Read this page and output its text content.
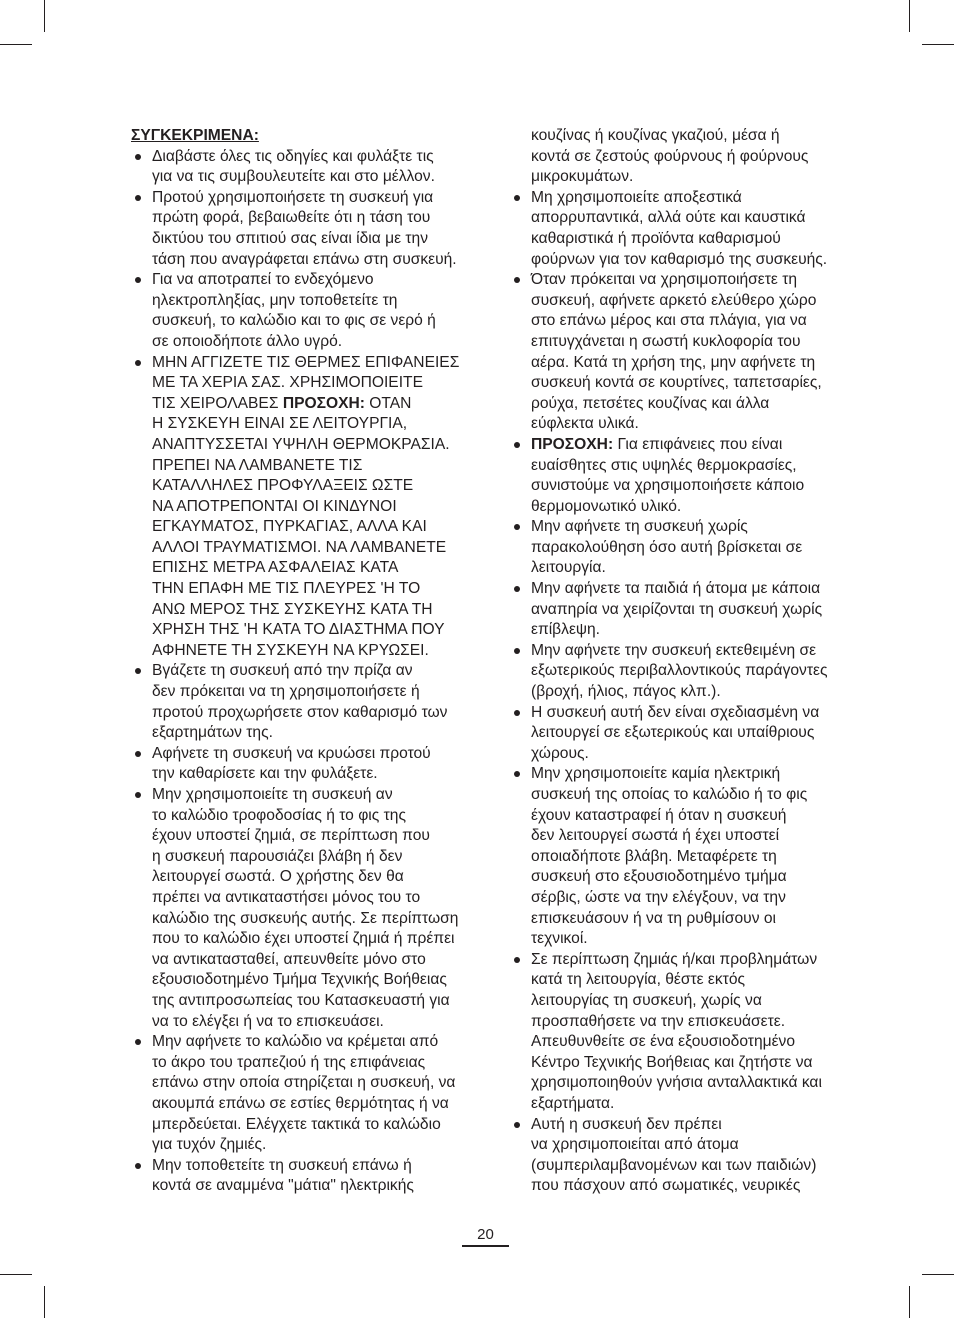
ΣΥΓΚΕΚΡΙΜΕΝΑ:

Διαβάστε όλες τις οδηγίες και φυλάξτε τις
για να τις συμβουλευτείτε και στο μέλλον.
Προτού χρησιμοποιήσετε τη συσκευή για
πρώτη φορά, βεβαιωθείτε ότι η τάση του
δικτύου του σπιτιού σας είναι ίδια με την
τάση που αναγράφεται επάνω στη συσκευή.
Για να αποτραπεί το ενδεχόμενο
ηλεκτροπληξίας, μην τοποθετείτε τη
συσκευή, το καλώδιο και το φις σε νερό ή
σε οποιοδήποτε άλλο υγρό.
ΜΗΝ ΑΓΓΙΖΕΤΕ ΤΙΣ ΘΕΡΜΕΣ ΕΠΙΦΑΝΕΙΕΣ
ΜΕ ΤΑ ΧΕΡΙΑ ΣΑΣ. ΧΡΗΣΙΜΟΠΟΙΕΙΤΕ
ΤΙΣ ΧΕΙΡΟΛΑΒΕΣ ΠΡΟΣΟΧΗ: ΟΤΑΝ
Η ΣΥΣΚΕΥΗ ΕΙΝΑΙ ΣΕ ΛΕΙΤΟΥΡΓΙΑ,
ΑΝΑΠΤΥΣΣΕΤΑΙ ΥΨΗΛΗ ΘΕΡΜΟΚΡΑΣΙΑ.
ΠΡΕΠΕΙ ΝΑ ΛΑΜΒΑΝΕΤΕ ΤΙΣ
ΚΑΤΑΛΛΗΛΕΣ ΠΡΟΦΥΛΑΞΕΙΣ ΩΣΤΕ
ΝΑ ΑΠΟΤΡΕΠΟΝΤΑΙ ΟΙ ΚΙΝΔΥΝΟΙ
ΕΓΚΑΥΜΑΤΟΣ, ΠΥΡΚΑΓΙΑΣ, ΑΛΛΑ ΚΑΙ
ΑΛΛΟΙ ΤΡΑΥΜΑΤΙΣΜΟΙ. ΝΑ ΛΑΜΒΑΝΕΤΕ
ΕΠΙΣΗΣ ΜΕΤΡΑ ΑΣΦΑΛΕΙΑΣ ΚΑΤΑ
ΤΗΝ ΕΠΑΦΗ ΜΕ ΤΙΣ ΠΛΕΥΡΕΣ 'Η ΤΟ
ΑΝΩ ΜΕΡΟΣ ΤΗΣ ΣΥΣΚΕΥΗΣ ΚΑΤΑ ΤΗ
ΧΡΗΣΗ ΤΗΣ 'Η ΚΑΤΑ ΤΟ ΔΙΑΣΤΗΜΑ ΠΟΥ
ΑΦΗΝΕΤΕ ΤΗ ΣΥΣΚΕΥΗ ΝΑ ΚΡΥΩΣΕΙ.
Βγάζετε τη συσκευή από την πρίζα αν
δεν πρόκειται να τη χρησιμοποιήσετε ή
προτού προχωρήσετε στον καθαρισμό των
εξαρτημάτων της.
Αφήνετε τη συσκευή να κρυώσει προτού
την καθαρίσετε και την φυλάξετε.
Μην χρησιμοποιείτε τη συσκευή αν
το καλώδιο τροφοδοσίας ή το φις της
έχουν υποστεί ζημιά, σε περίπτωση που
η συσκευή παρουσιάζει βλάβη ή δεν
λειτουργεί σωστά. Ο χρήστης δεν θα
πρέπει να αντικαταστήσει μόνος του το
καλώδιο της συσκευής αυτής. Σε περίπτωση
που το καλώδιο έχει υποστεί ζημιά ή πρέπει
να αντικατασταθεί, απευνθείτε μόνο στο
εξουσιοδοτημένο Τμήμα Τεχνικής Βοήθειας
της αντιπροσωπείας του Κατασκευαστή για
να το ελέγξει ή να το επισκευάσει.
Μην αφήνετε το καλώδιο να κρέμεται από
το άκρο του τραπεζιού ή της επιφάνειας
επάνω στην οποία στηρίζεται η συσκευή, να
ακουμπά επάνω σε εστίες θερμότητας ή να
μπερδεύεται. Ελέγχετε τακτικά το καλώδιο
για τυχόν ζημιές.
Μην τοποθετείτε τη συσκευή επάνω ή
κοντά σε αναμμένα "μάτια" ηλεκτρικής
κουζίνας ή κουζίνας γκαζιού, μέσα ή
κοντά σε ζεστούς φούρνους ή φούρνους
μικροκυμάτων.
Μη χρησιμοποιείτε αποξεστικά
απορρυπαντικά, αλλά ούτε και καυστικά
καθαριστικά ή προϊόντα καθαρισμού
φούρνων για τον καθαρισμό της συσκευής.
Όταν πρόκειται να χρησιμοποιήσετε τη
συσκευή, αφήνετε αρκετό ελεύθερο χώρο
στο επάνω μέρος και στα πλάγια, για να
επιτυγχάνεται η σωστή κυκλοφορία του
αέρα. Κατά τη χρήση της, μην αφήνετε τη
συσκευή κοντά σε κουρτίνες, ταπετσαρίες,
ρούχα, πετσέτες κουζίνας και άλλα
εύφλεκτα υλικά.
ΠΡΟΣΟΧΗ: Για επιφάνειες που είναι
ευαίσθητες στις υψηλές θερμοκρασίες,
συνιστούμε να χρησιμοποιήσετε κάποιο
θερμομονωτικό υλικό.
Μην αφήνετε τη συσκευή χωρίς
παρακολούθηση όσο αυτή βρίσκεται σε
λειτουργία.
Μην αφήνετε τα παιδιά ή άτομα με κάποια
αναπηρία να χειρίζονται τη συσκευή χωρίς
επίβλεψη.
Μην αφήνετε την συσκευή εκτεθειμένη σε
εξωτερικούς περιβαλλοντικούς παράγοντες
(βροχή, ήλιος, πάγος κλπ.).
Η συσκευή αυτή δεν είναι σχεδιασμένη να
λειτουργεί σε εξωτερικούς και υπαίθριους
χώρους.
Μην χρησιμοποιείτε καμία ηλεκτρική
συσκευή της οποίας το καλώδιο ή το φις
έχουν καταστραφεί ή όταν η συσκευή
δεν λειτουργεί σωστά ή έχει υποστεί
οποιαδήποτε βλάβη. Μεταφέρετε τη
συσκευή στο εξουσιοδοτημένο τμήμα
σέρβις, ώστε να την ελέγξουν, να την
επισκευάσουν ή να τη ρυθμίσουν οι
τεχνικοί.
Σε περίπτωση ζημιάς ή/και προβλημάτων
κατά τη λειτουργία, θέστε εκτός
λειτουργίας τη συσκευή, χωρίς να
προσπαθήσετε να την επισκευάσετε.
Απευθυνθείτε σε ένα εξουσιοδοτημένο
Κέντρο Τεχνικής Βοήθειας και ζητήστε να
χρησιμοποιηθούν γνήσια ανταλλακτικά και
εξαρτήματα.
Αυτή η συσκευή δεν πρέπει
να χρησιμοποιείται από άτομα
(συμπεριλαμβανομένων και των παιδιών)
που πάσχουν από σωματικές, νευρικές
20
